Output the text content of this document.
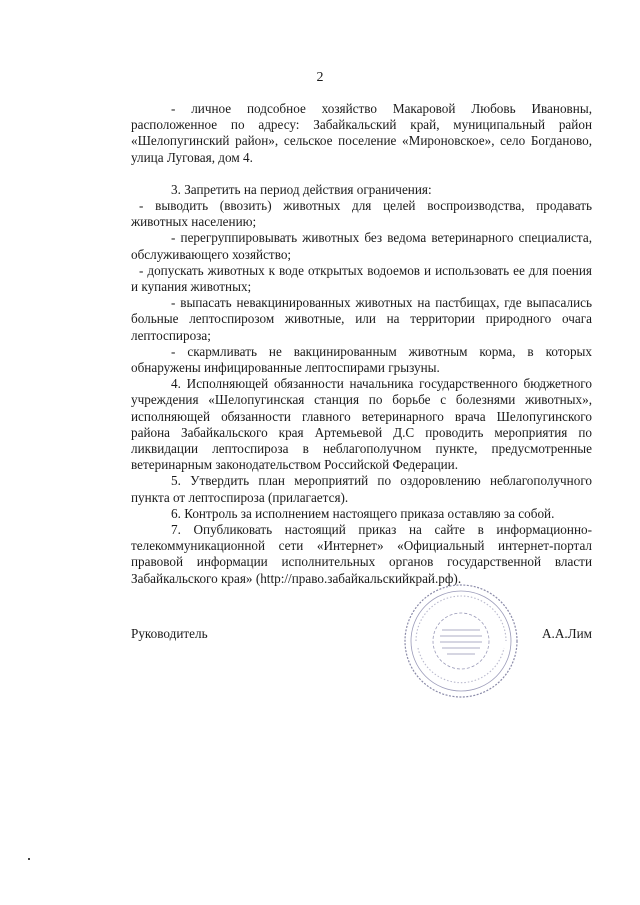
2

- личное подсобное хозяйство Макаровой Любовь Ивановны, расположенное по адресу: Забайкальский край, муниципальный район «Шелопугинский район», сельское поселение «Мироновское», село Богданово, улица Луговая, дом 4.

3. Запретить на период действия ограничения:

- выводить (ввозить) животных для целей воспроизводства, продавать животных населению;

- перегруппировывать животных без ведома ветеринарного специалиста, обслуживающего хозяйство;

- допускать животных к воде открытых водоемов и использовать ее для поения и купания животных;

- выпасать невакцинированных животных на пастбищах, где выпасались больные лептоспирозом животные, или на территории природного очага лептоспироза;

- скармливать не вакцинированным животным корма, в которых обнаружены инфицированные лептоспирами грызуны.

4. Исполняющей обязанности начальника государственного бюджетного учреждения «Шелопугинская станция по борьбе с болезнями животных», исполняющей обязанности главного ветеринарного врача Шелопугинского района Забайкальского края Артемьевой Д.С проводить мероприятия по ликвидации лептоспироза в неблагополучном пункте, предусмотренные ветеринарным законодательством Российской Федерации.

5. Утвердить план мероприятий по оздоровлению неблагополучного пункта от лептоспироза (прилагается).

6. Контроль за исполнением настоящего приказа оставляю за собой.

7. Опубликовать настоящий приказ на сайте в информационно-телекоммуникационной сети «Интернет» «Официальный интернет-портал правовой информации исполнительных органов государственной власти Забайкальского края» (http://право.забайкальскийкрай.рф).

Руководитель	А.А.Лим
